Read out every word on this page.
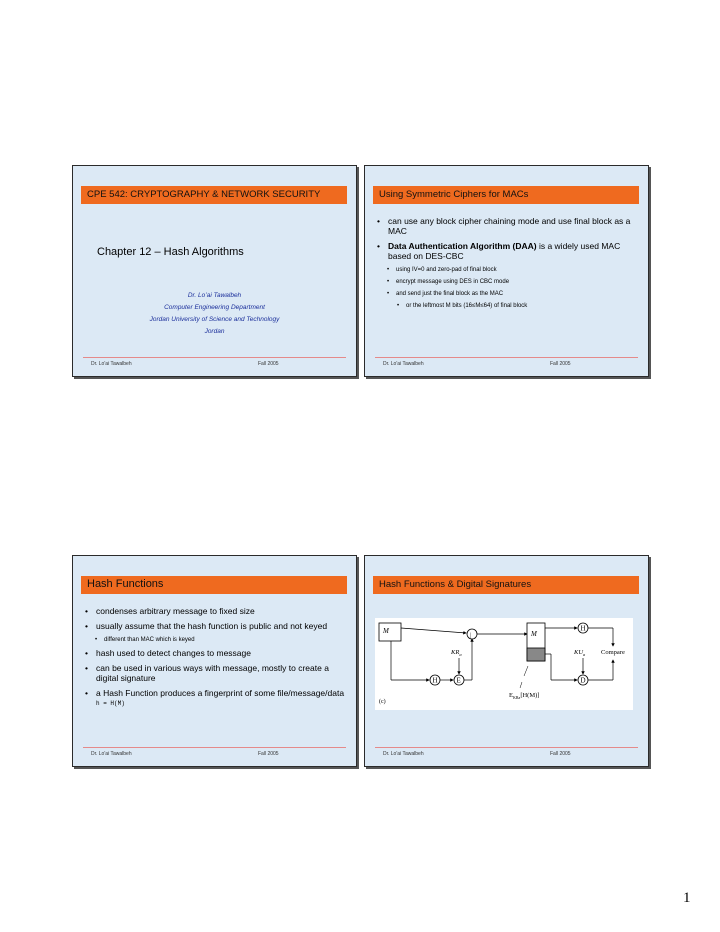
CPE 542: CRYPTOGRAPHY & NETWORK SECURITY
Chapter 12 – Hash Algorithms
Dr. Lo’ai Tawalbeh
Computer Engineering Department
Jordan University of Science and Technology
Jordan
Dr. Lo'ai Tawalbeh	Fall 2005
Using Symmetric Ciphers for MACs
• can use any block cipher chaining mode and use final block as a MAC
• Data Authentication Algorithm (DAA) is a widely used MAC based on DES-CBC
• using IV=0 and zero-pad of final block
• encrypt message using DES in CBC mode
• and send just the final block as the MAC
• or the leftmost M bits (16≤M≤64) of final block
Dr. Lo'ai Tawalbeh	Fall 2005
Hash Functions
• condenses arbitrary message to fixed size
• usually assume that the hash function is public and not keyed
• different than MAC which is keyed
• hash used to detect changes to message
• can be used in various ways with message, mostly to create a digital signature
• a Hash Function produces a fingerprint of some file/message/data
h = H(M)
Dr. Lo'ai Tawalbeh	Fall 2005
Hash Functions & Digital Signatures
M
|
H	E
$KR_a$
(c)
M
$E_{KRa}[H(M)]$
H
Compare
D
$KU_a$
Dr. Lo'ai Tawalbeh	Fall 2005
1
